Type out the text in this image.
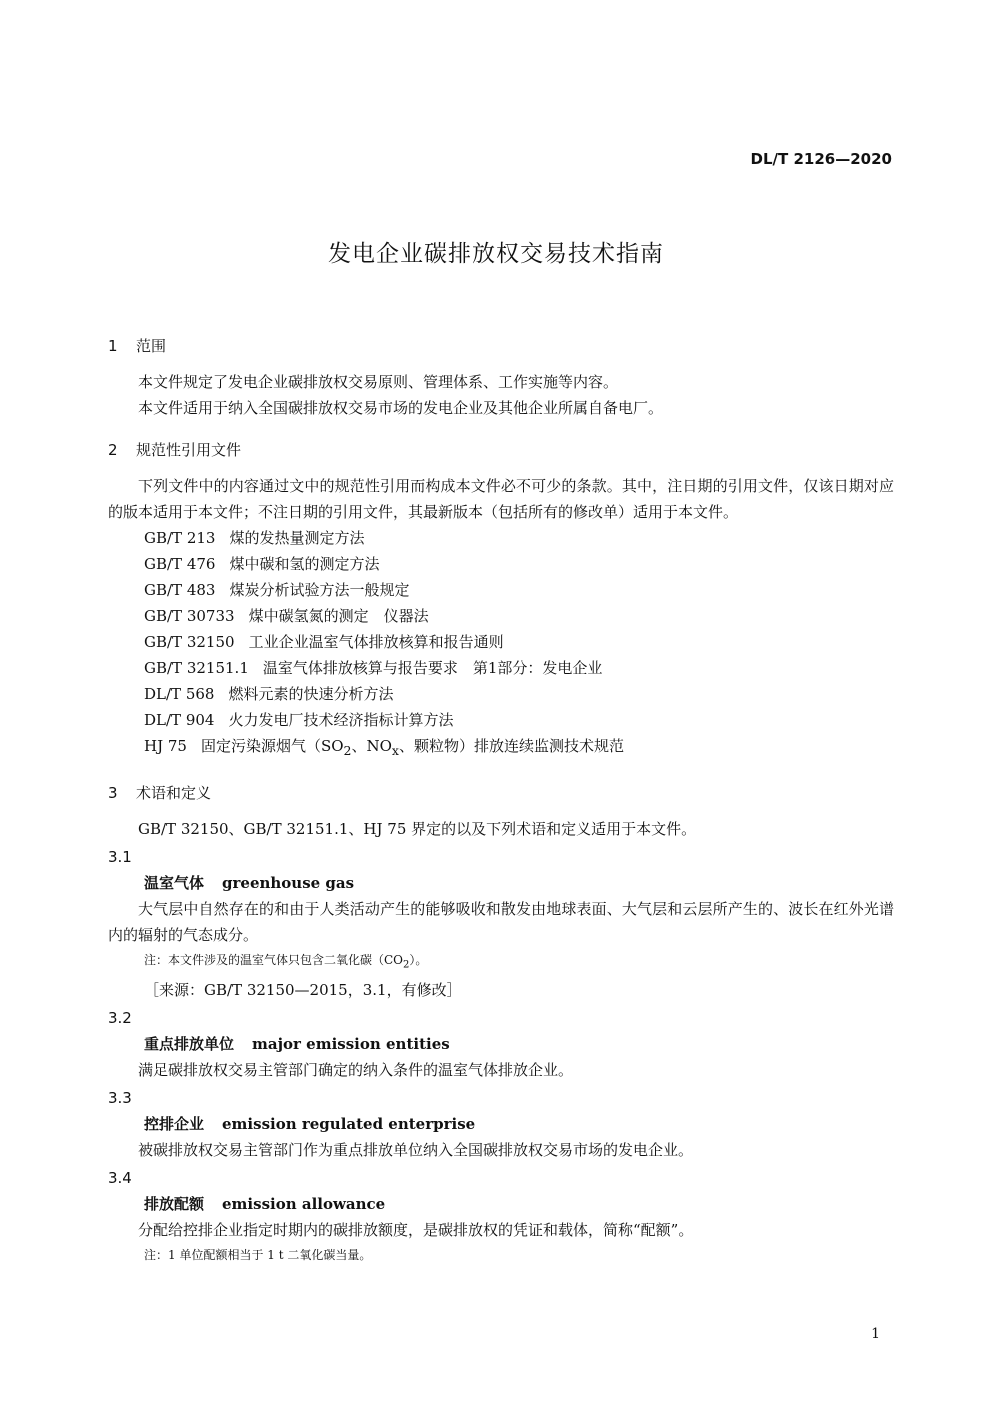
DL/T 2126—2020
发电企业碳排放权交易技术指南
1 范围

本文件规定了发电企业碳排放权交易原则、管理体系、工作实施等内容。

本文件适用于纳入全国碳排放权交易市场的发电企业及其他企业所属自备电厂。

2 规范性引用文件

下列文件中的内容通过文中的规范性引用而构成本文件必不可少的条款。其中，注日期的引用文件，仅该日期对应的版本适用于本文件；不注日期的引用文件，其最新版本（包括所有的修改单）适用于本文件。

GB/T 213 煤的发热量测定方法
GB/T 476 煤中碳和氢的测定方法
GB/T 483 煤炭分析试验方法一般规定
GB/T 30733 煤中碳氢氮的测定　仪器法
GB/T 32150 工业企业温室气体排放核算和报告通则
GB/T 32151.1 温室气体排放核算与报告要求　第1部分：发电企业
DL/T 568 燃料元素的快速分析方法
DL/T 904 火力发电厂技术经济指标计算方法
HJ 75 固定污染源烟气（$SO_2$、$NO_x$、颗粒物）排放连续监测技术规范
3 术语和定义

GB/T 32150、GB/T 32151.1、HJ 75 界定的以及下列术语和定义适用于本文件。

3.1
温室气体 greenhouse gas

大气层中自然存在的和由于人类活动产生的能够吸收和散发由地球表面、大气层和云层所产生的、波长在红外光谱内的辐射的气态成分。

注：本文件涉及的温室气体只包含二氧化碳$(CO_2)$。
［来源：GB/T 32150—2015，3.1，有修改］
3.2
重点排放单位 major emission entities

满足碳排放权交易主管部门确定的纳入条件的温室气体排放企业。

3.3
控排企业 emission regulated enterprise

被碳排放权交易主管部门作为重点排放单位纳入全国碳排放权交易市场的发电企业。

3.4
排放配额 emission allowance

分配给控排企业指定时期内的碳排放额度，是碳排放权的凭证和载体，简称“配额”。

注：1 单位配额相当于 1 t 二氧化碳当量。
1
